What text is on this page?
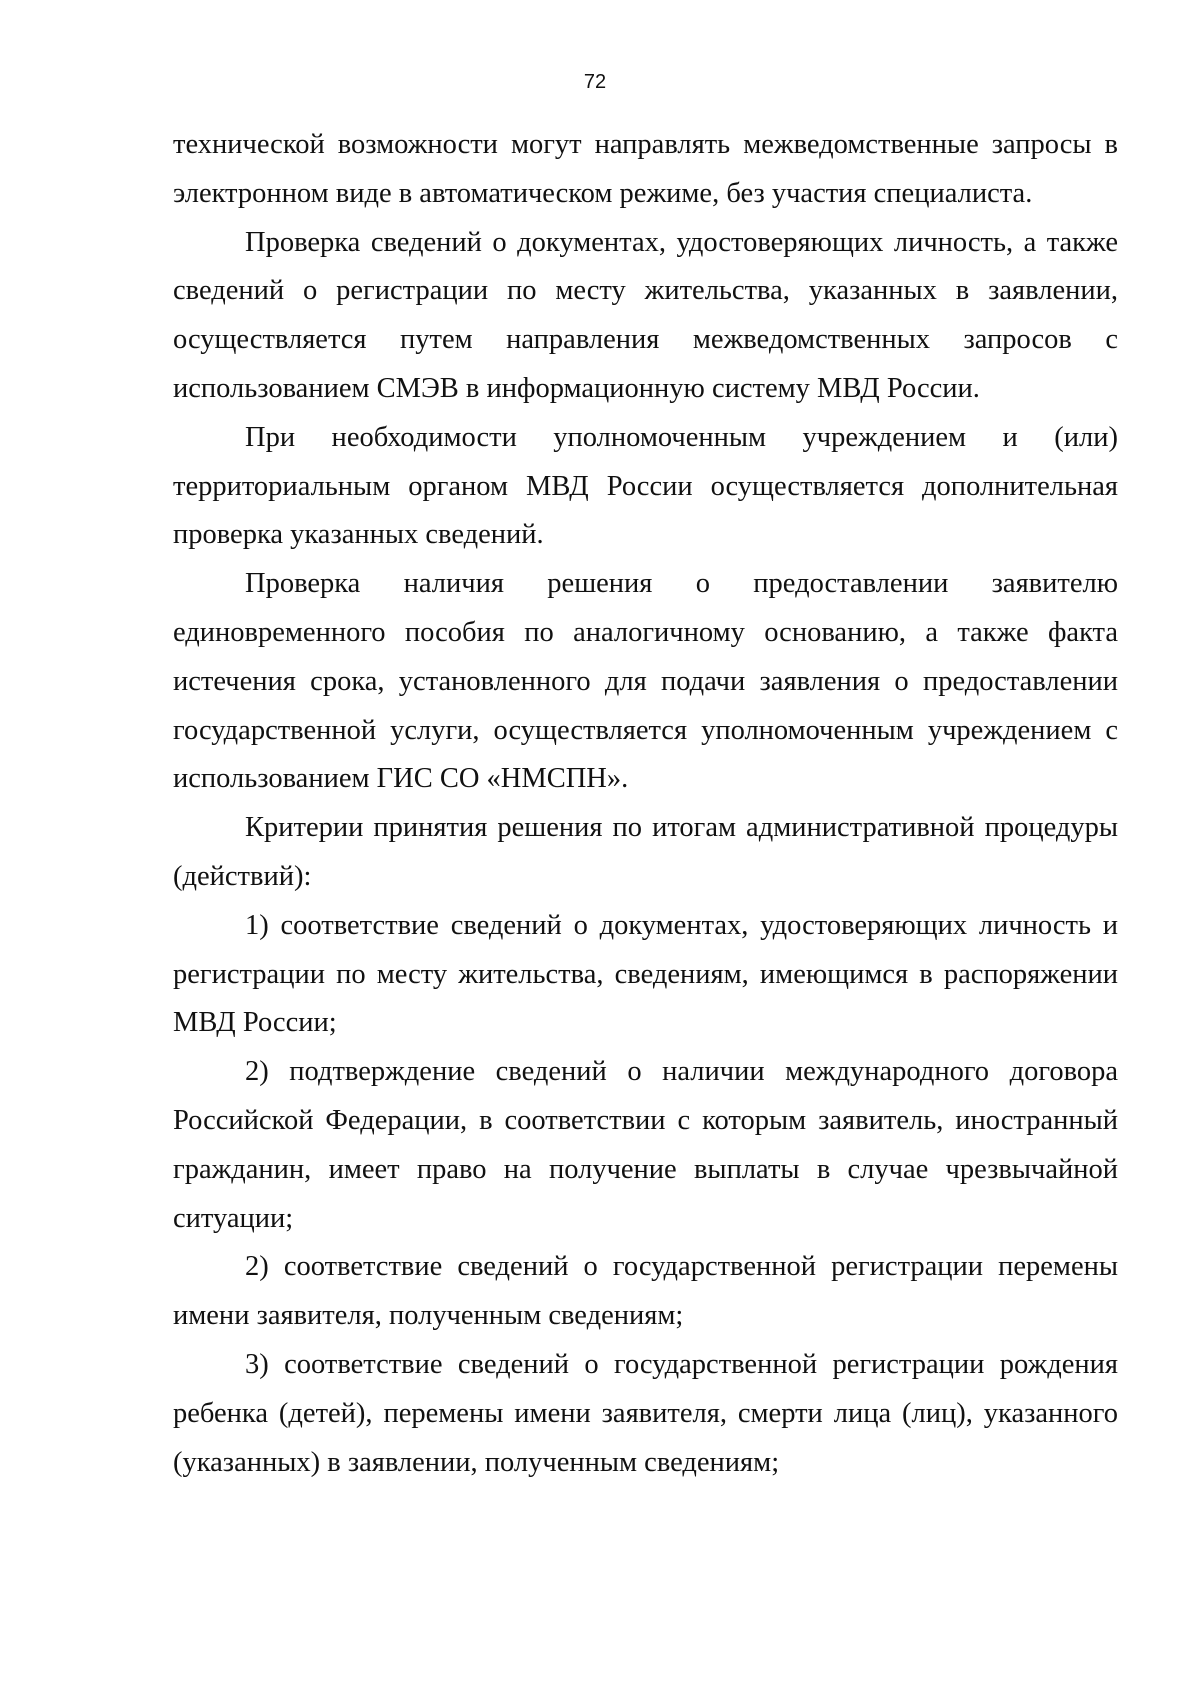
72

технической возможности могут направлять межведомственные запросы в электронном виде в автоматическом режиме, без участия специалиста.

Проверка сведений о документах, удостоверяющих личность, а также сведений о регистрации по месту жительства, указанных в заявлении, осуществляется путем направления межведомственных запросов с использованием СМЭВ в информационную систему МВД России.

При необходимости уполномоченным учреждением и (или) территориальным органом МВД России осуществляется дополнительная проверка указанных сведений.

Проверка наличия решения о предоставлении заявителю единовременного пособия по аналогичному основанию, а также факта истечения срока, установленного для подачи заявления о предоставлении государственной услуги, осуществляется уполномоченным учреждением с использованием ГИС СО «НМСПН».

Критерии принятия решения по итогам административной процедуры (действий):

1) соответствие сведений о документах, удостоверяющих личность и регистрации по месту жительства, сведениям, имеющимся в распоряжении МВД России;

2) подтверждение сведений о наличии международного договора Российской Федерации, в соответствии с которым заявитель, иностранный гражданин, имеет право на получение выплаты в случае чрезвычайной ситуации;

2) соответствие сведений о государственной регистрации перемены имени заявителя, полученным сведениям;

3) соответствие сведений о государственной регистрации рождения ребенка (детей), перемены имени заявителя, смерти лица (лиц), указанного (указанных) в заявлении, полученным сведениям;
